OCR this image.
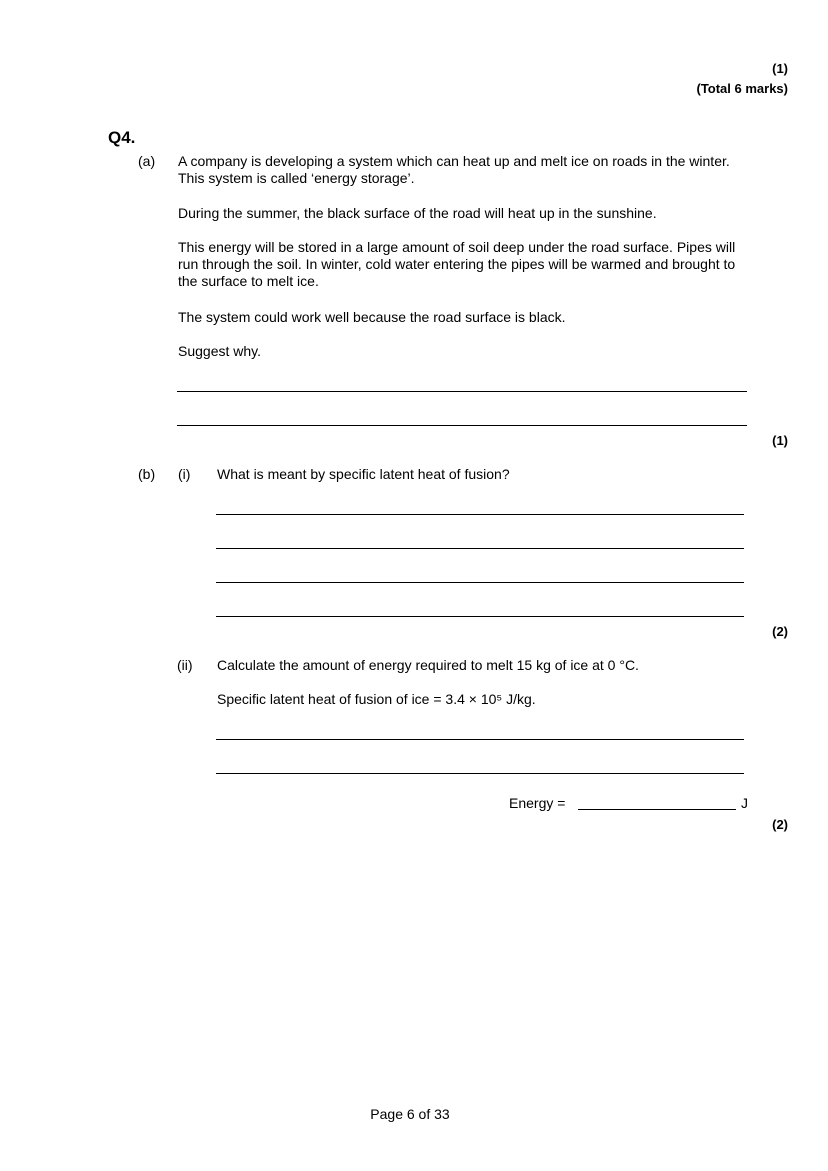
(1)
(Total 6 marks)
Q4.
(a) A company is developing a system which can heat up and melt ice on roads in the winter. This system is called ‘energy storage’.
During the summer, the black surface of the road will heat up in the sunshine.
This energy will be stored in a large amount of soil deep under the road surface. Pipes will run through the soil. In winter, cold water entering the pipes will be warmed and brought to the surface to melt ice.
The system could work well because the road surface is black.
Suggest why.
(1)
(b) (i) What is meant by specific latent heat of fusion?
(2)
(ii) Calculate the amount of energy required to melt 15 kg of ice at 0 °C.
Specific latent heat of fusion of ice = 3.4 × 10⁵ J/kg.
Energy =	J
(2)
Page 6 of 33
